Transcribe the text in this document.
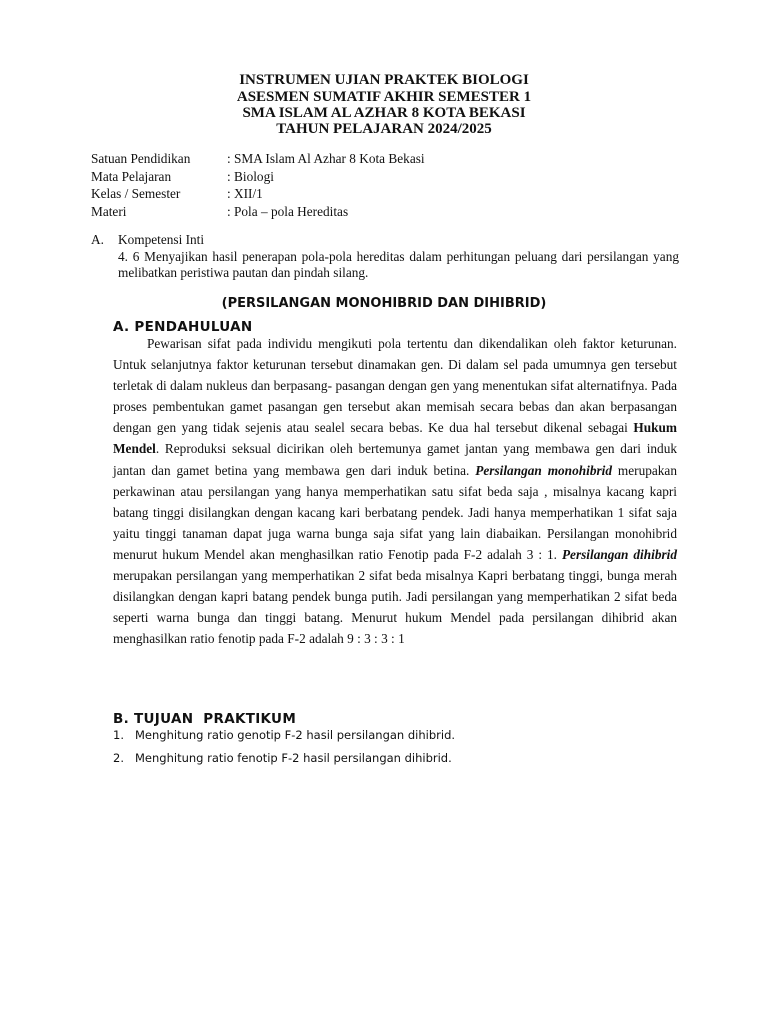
INSTRUMEN UJIAN PRAKTEK BIOLOGI
ASESMEN SUMATIF AKHIR SEMESTER 1
SMA ISLAM AL AZHAR 8 KOTA BEKASI
TAHUN PELAJARAN 2024/2025
Satuan Pendidikan	: SMA Islam Al Azhar 8 Kota Bekasi
Mata Pelajaran	: Biologi
Kelas / Semester	: XII/1
Materi	: Pola – pola Hereditas
A.	Kompetensi Inti
4. 6 Menyajikan hasil penerapan pola-pola hereditas dalam perhitungan peluang dari persilangan yang melibatkan peristiwa pautan dan pindah silang.
(PERSILANGAN MONOHIBRID DAN DIHIBRID)
A. PENDAHULUAN

Pewarisan sifat pada individu mengikuti pola tertentu dan dikendalikan oleh faktor keturunan. Untuk selanjutnya faktor keturunan tersebut dinamakan gen. Di dalam sel pada umumnya gen tersebut terletak di dalam nukleus dan berpasang- pasangan dengan gen yang menentukan sifat alternatifnya. Pada proses pembentukan gamet pasangan gen tersebut akan memisah secara bebas dan akan berpasangan dengan gen yang tidak sejenis atau sealel secara bebas. Ke dua hal tersebut dikenal sebagai Hukum Mendel. Reproduksi seksual dicirikan oleh bertemunya gamet jantan yang membawa gen dari induk jantan dan gamet betina yang membawa gen dari induk betina. Persilangan monohibrid merupakan perkawinan atau persilangan yang hanya memperhatikan satu sifat beda saja , misalnya kacang kapri batang tinggi disilangkan dengan kacang kari berbatang pendek. Jadi hanya memperhatikan 1 sifat saja yaitu tinggi tanaman dapat juga warna bunga saja sifat yang lain diabaikan. Persilangan monohibrid menurut hukum Mendel akan menghasilkan ratio Fenotip pada F-2 adalah 3 : 1. Persilangan dihibrid merupakan persilangan yang memperhatikan 2 sifat beda misalnya Kapri berbatang tinggi, bunga merah disilangkan dengan kapri batang pendek bunga putih. Jadi persilangan yang memperhatikan 2 sifat beda seperti warna bunga dan tinggi batang. Menurut hukum Mendel pada persilangan dihibrid akan menghasilkan ratio fenotip pada F-2 adalah 9 : 3 : 3 : 1

B. TUJUAN  PRAKTIKUM
1. Menghitung ratio genotip F-2 hasil persilangan dihibrid.
2. Menghitung ratio fenotip F-2 hasil persilangan dihibrid.
